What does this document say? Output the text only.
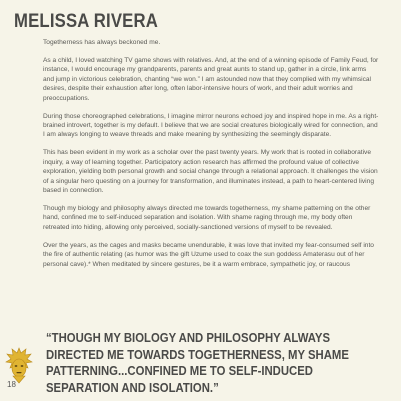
MELISSA RIVERA

Togetherness has always beckoned me.

As a child, I loved watching TV game shows with relatives. And, at the end of a winning episode of Family Feud, for instance, I would encourage my grandparents, parents and great aunts to stand up, gather in a circle, link arms and jump in victorious celebration, chanting “we won.” I am astounded now that they complied with my whimsical desires, despite their exhaustion after long, often labor-intensive hours of work, and their adult worries and preoccupations.

During those choreographed celebrations, I imagine mirror neurons echoed joy and inspired hope in me. As a right-brained introvert, together is my default. I believe that we are social creatures biologically wired for connection, and I am always longing to weave threads and make meaning by synthesizing the seemingly disparate.

This has been evident in my work as a scholar over the past twenty years. My work that is rooted in collaborative inquiry, a way of learning together. Participatory action research has affirmed the profound value of collective exploration, yielding both personal growth and social change through a relational approach. It challenges the vision of a singular hero questing on a journey for transformation, and illuminates instead, a path to heart-centered living based in connection.

Though my biology and philosophy always directed me towards togetherness, my shame patterning on the other hand, confined me to self-induced separation and isolation. With shame raging through me, my body often retreated into hiding, allowing only perceived, socially-sanctioned versions of myself to be revealed.

Over the years, as the cages and masks became unendurable, it was love that invited my fear-consumed self into the fire of authentic relating (as humor was the gift Uzume used to coax the sun goddess Amaterasu out of her personal cave).* When meditated by sincere gestures, be it a warm embrace, sympathetic joy, or raucous

18
“THOUGH MY BIOLOGY AND PHILOSOPHY ALWAYS DIRECTED ME TOWARDS TOGETHERNESS, MY SHAME PATTERNING...CONFINED ME TO SELF-INDUCED SEPARATION AND ISOLATION.”
